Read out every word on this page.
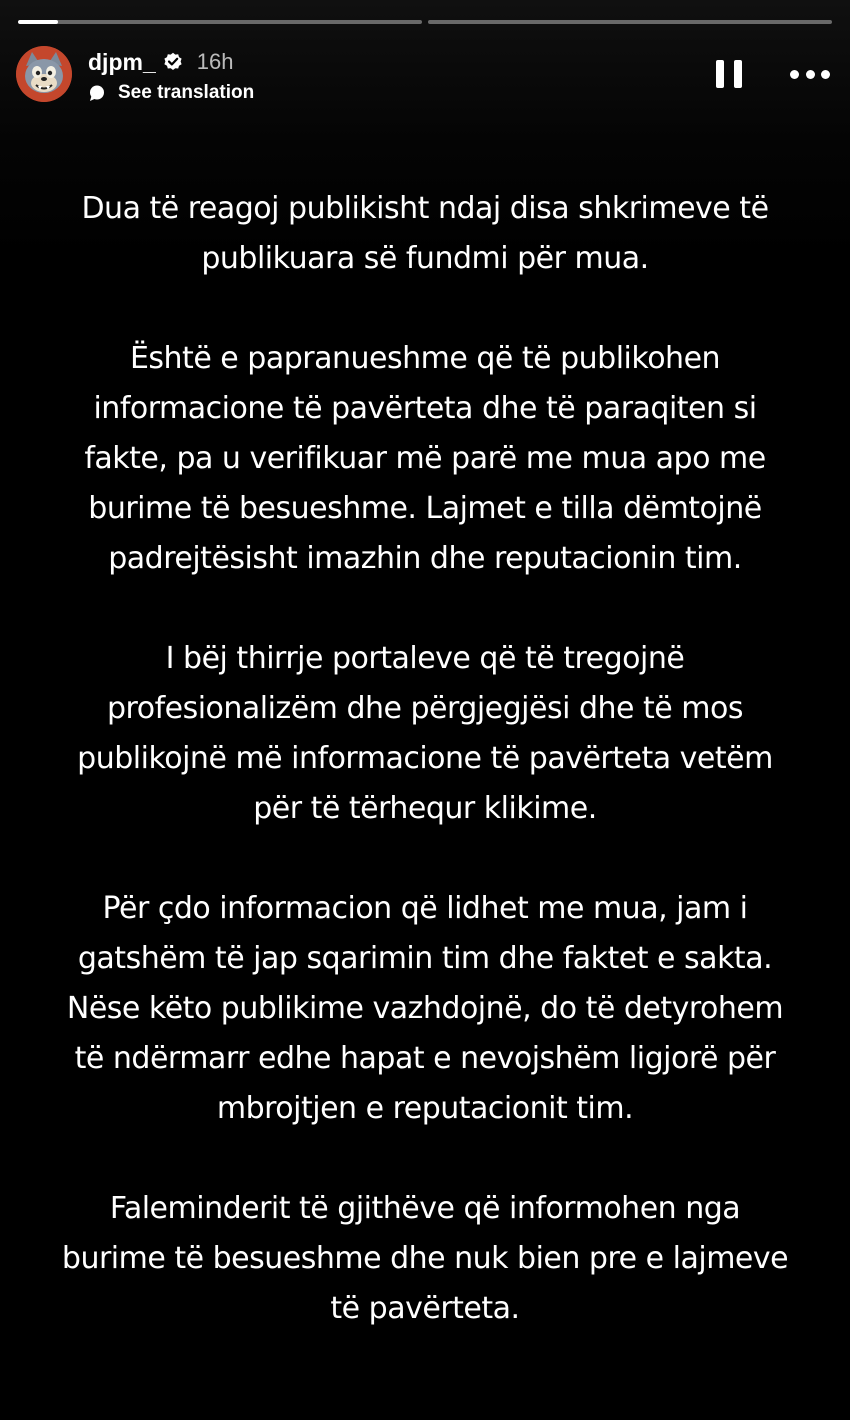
djpm_ 16h
See translation

Dua të reagoj publikisht ndaj disa shkrimeve të
publikuara së fundmi për mua.

Është e papranueshme që të publikohen
informacione të pavërteta dhe të paraqiten si
fakte, pa u verifikuar më parë me mua apo me
burime të besueshme. Lajmet e tilla dëmtojnë
padrejtësisht imazhin dhe reputacionin tim.

I bëj thirrje portaleve që të tregojnë
profesionalizëm dhe përgjegjësi dhe të mos
publikojnë më informacione të pavërteta vetëm
për të tërhequr klikime.

Për çdo informacion që lidhet me mua, jam i
gatshëm të jap sqarimin tim dhe faktet e sakta.
Nëse këto publikime vazhdojnë, do të detyrohem
të ndërmarr edhe hapat e nevojshëm ligjorë për
mbrojtjen e reputacionit tim.

Faleminderit të gjithëve që informohen nga
burime të besueshme dhe nuk bien pre e lajmeve
të pavërteta.
